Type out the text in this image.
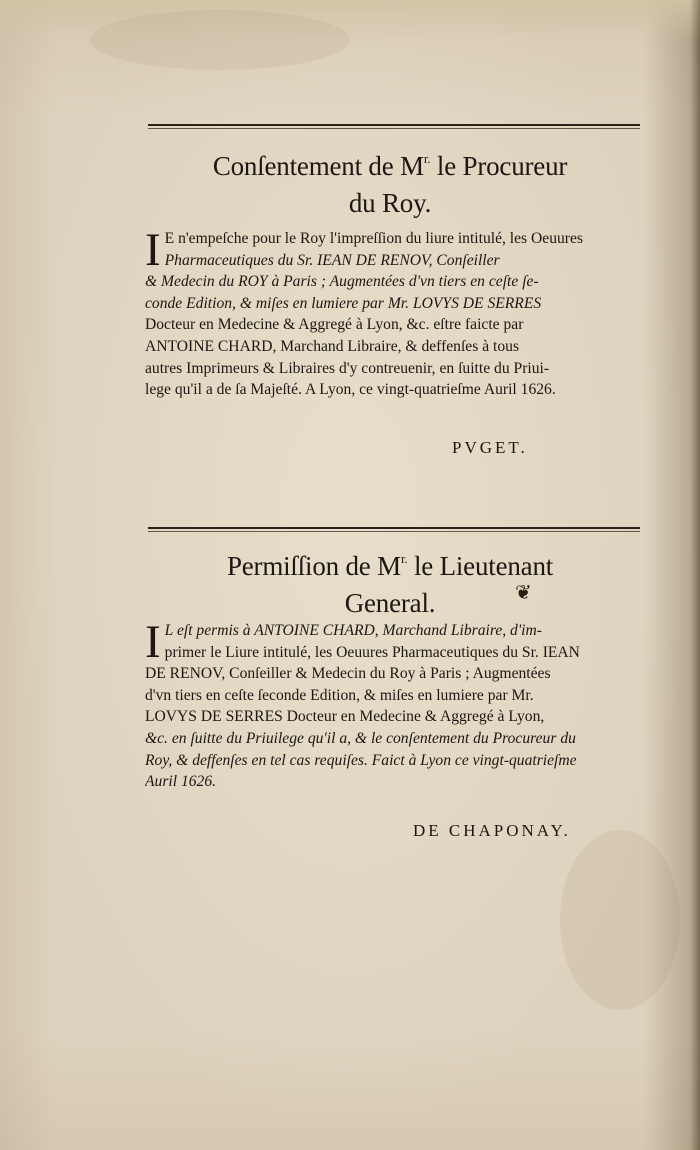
Conſentement de $M^{r.}$ le Procureur
du Roy.
I E n'empeſche pour le Roy l'impreſſion du liure intitulé, les Oeuures
Pharmaceutiques du Sr. IEAN DE RENOV, Conſeiller
& Medecin du ROY à Paris ; Augmentées d'vn tiers en ceſte ſe-
conde Edition, & miſes en lumiere par Mr. LOVYS DE SERRES
Docteur en Medecine & Aggregé à Lyon, &c. eſtre faicte par
ANTOINE CHARD, Marchand Libraire, & deffenſes à tous
autres Imprimeurs & Libraires d'y contreuenir, en ſuitte du Priui-
lege qu'il a de ſa Majeſté. A Lyon, ce vingt-quatrieſme Auril 1626.
PVGET.
Permiſſion de $M^{r.}$ le Lieutenant
General.	❦
I L eſt permis à ANTOINE CHARD, Marchand Libraire, d'im-
primer le Liure intitulé, les Oeuures Pharmaceutiques du Sr. IEAN
DE RENOV, Conſeiller & Medecin du Roy à Paris ; Augmentées
d'vn tiers en ceſte ſeconde Edition, & miſes en lumiere par Mr.
LOVYS DE SERRES Docteur en Medecine & Aggregé à Lyon,
&c. en ſuitte du Priuilege qu'il a, & le conſentement du Procureur du
Roy, & deffenſes en tel cas requiſes. Faict à Lyon ce vingt-quatrieſme
Auril 1626.
DE CHAPONAY.
